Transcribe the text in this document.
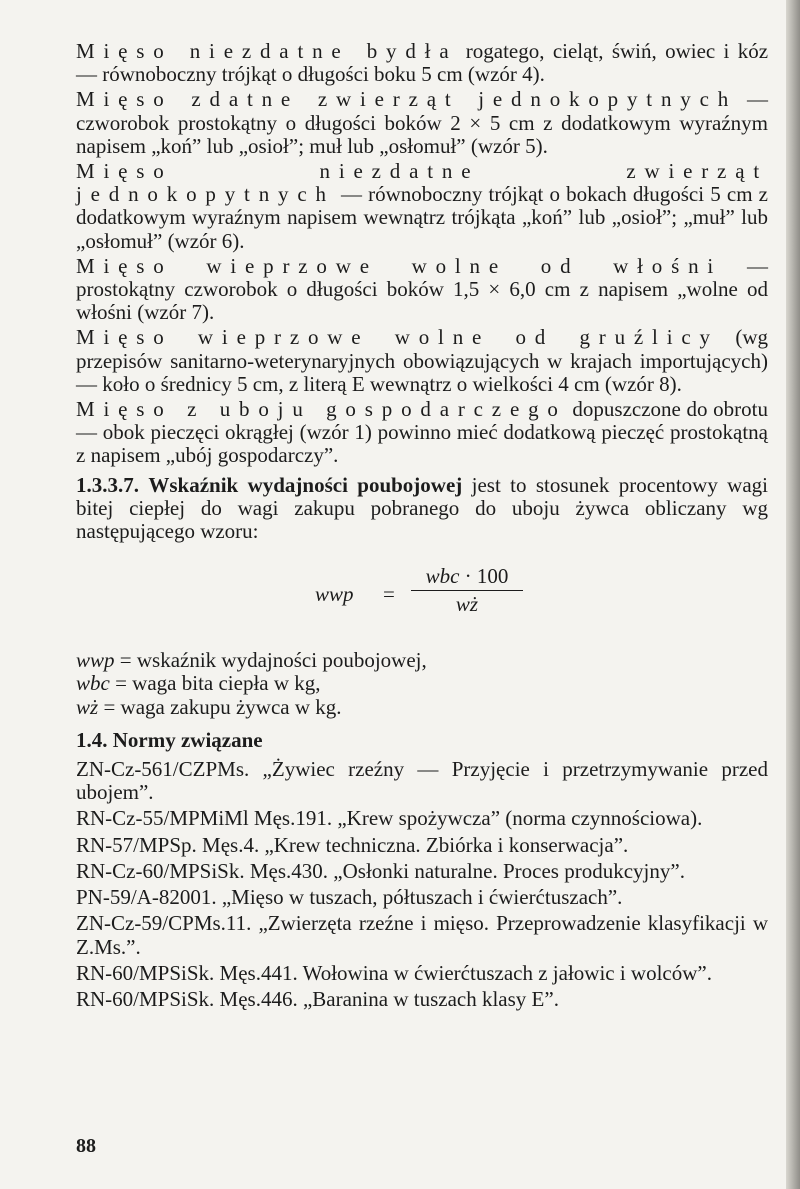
Mięso niezdatne bydła rogatego, cieląt, świń, owiec i kóz — równoboczny trójkąt o długości boku 5 cm (wzór 4).

Mięso zdatne zwierząt jednokopytnych — czworobok prostokątny o długości boków 2 × 5 cm z dodatkowym wyraźnym napisem „koń” lub „osioł”; muł lub „osłomuł” (wzór 5).

Mięso niezdatne zwierząt jednokopytnych — równoboczny trójkąt o bokach długości 5 cm z dodatkowym wyraźnym napisem wewnątrz trójkąta „koń” lub „osioł”; „muł” lub „osłomuł” (wzór 6).

Mięso wieprzowe wolne od włośni — prostokątny czworobok o długości boków 1,5 × 6,0 cm z napisem „wolne od włośni (wzór 7).

Mięso wieprzowe wolne od gruźlicy (wg przepisów sanitarno-weterynaryjnych obowiązujących w krajach importujących) — koło o średnicy 5 cm, z literą E wewnątrz o wielkości 4 cm (wzór 8).

Mięso z uboju gospodarczego dopuszczone do obrotu — obok pieczęci okrągłej (wzór 1) powinno mieć dodatkową pieczęć prostokątną z napisem „ubój gospodarczy”.

1.3.3.7. Wskaźnik wydajności poubojowej jest to stosunek procentowy wagi bitej ciepłej do wagi zakupu pobranego do uboju żywca obliczany wg następującego wzoru:

wwp =
wbc · 100
wż

wwp = wskaźnik wydajności poubojowej,

wbc = waga bita ciepła w kg,

wż = waga zakupu żywca w kg.

1.4. Normy związane

ZN-Cz-561/CZPMs. „Żywiec rzeźny — Przyjęcie i przetrzymywanie przed ubojem”.

RN-Cz-55/MPMiMl Męs.191. „Krew spożywcza” (norma czynnościowa).

RN-57/MPSp. Męs.4. „Krew techniczna. Zbiórka i konserwacja”.

RN-Cz-60/MPSiSk. Męs.430. „Osłonki naturalne. Proces produkcyjny”.

PN-59/A-82001. „Mięso w tuszach, półtuszach i ćwierćtuszach”.

ZN-Cz-59/CPMs.11. „Zwierzęta rzeźne i mięso. Przeprowadzenie klasyfikacji w Z.Ms.”.

RN-60/MPSiSk. Męs.441. Wołowina w ćwierćtuszach z jałowic i wolców”.

RN-60/MPSiSk. Męs.446. „Baranina w tuszach klasy E”.

88
